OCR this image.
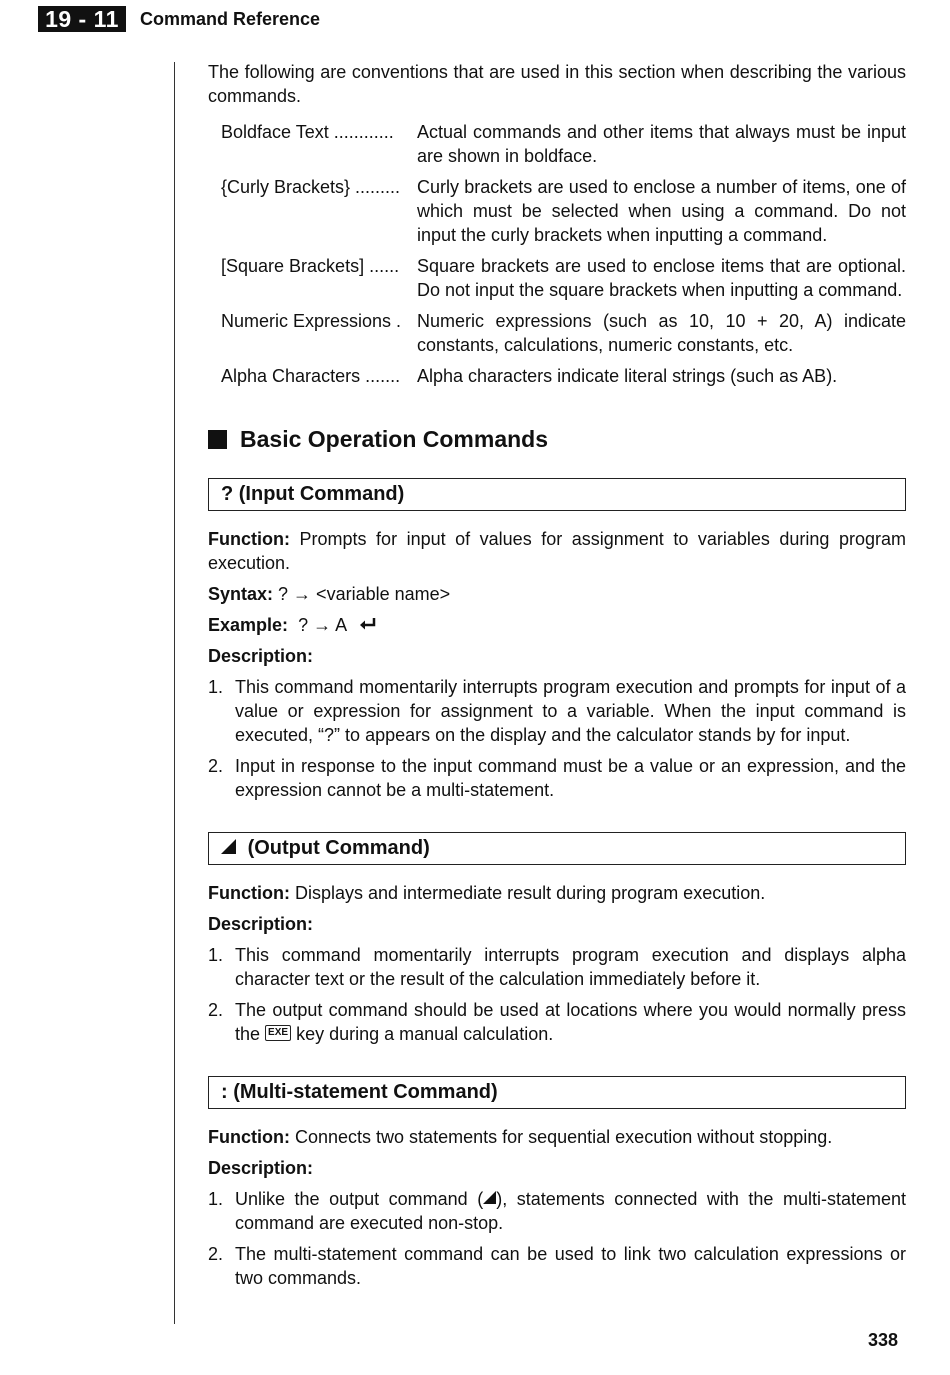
19 - 11	Command Reference

The following are conventions that are used in this section when describing the various commands.

Boldface Text ............	Actual commands and other items that always must be input are shown in boldface.
{Curly Brackets} ......... Curly brackets are used to enclose a number of items, one of which must be selected when using a command. Do not input the curly brackets when inputting a command.
[Square Brackets] ...... Square brackets are used to enclose items that are optional. Do not input the square brackets when inputting a command.
Numeric Expressions . Numeric expressions (such as 10, 10 + 20, A) indicate constants, calculations, numeric constants, etc.
Alpha Characters ....... Alpha characters indicate literal strings (such as AB).
Basic Operation Commands
? (Input Command)

Function: Prompts for input of values for assignment to variables during program execution.

Syntax: ? → <variable name>

Example: ? → A

Description:

1. This command momentarily interrupts program execution and prompts for input of a value or expression for assignment to a variable. When the input command is executed, “?” to appears on the display and the calculator stands by for input.
2. Input in response to the input command must be a value or an expression, and the expression cannot be a multi-statement.
(Output Command)

Function: Displays and intermediate result during program execution.

Description:

1. This command momentarily interrupts program execution and displays alpha character text or the result of the calculation immediately before it.
2. The output command should be used at locations where you would normally press the EXE key during a manual calculation.
: (Multi-statement Command)

Function: Connects two statements for sequential execution without stopping.

Description:

1. Unlike the output command ( ), statements connected with the multi-statement command are executed non-stop.
2. The multi-statement command can be used to link two calculation expressions or two commands.
338
